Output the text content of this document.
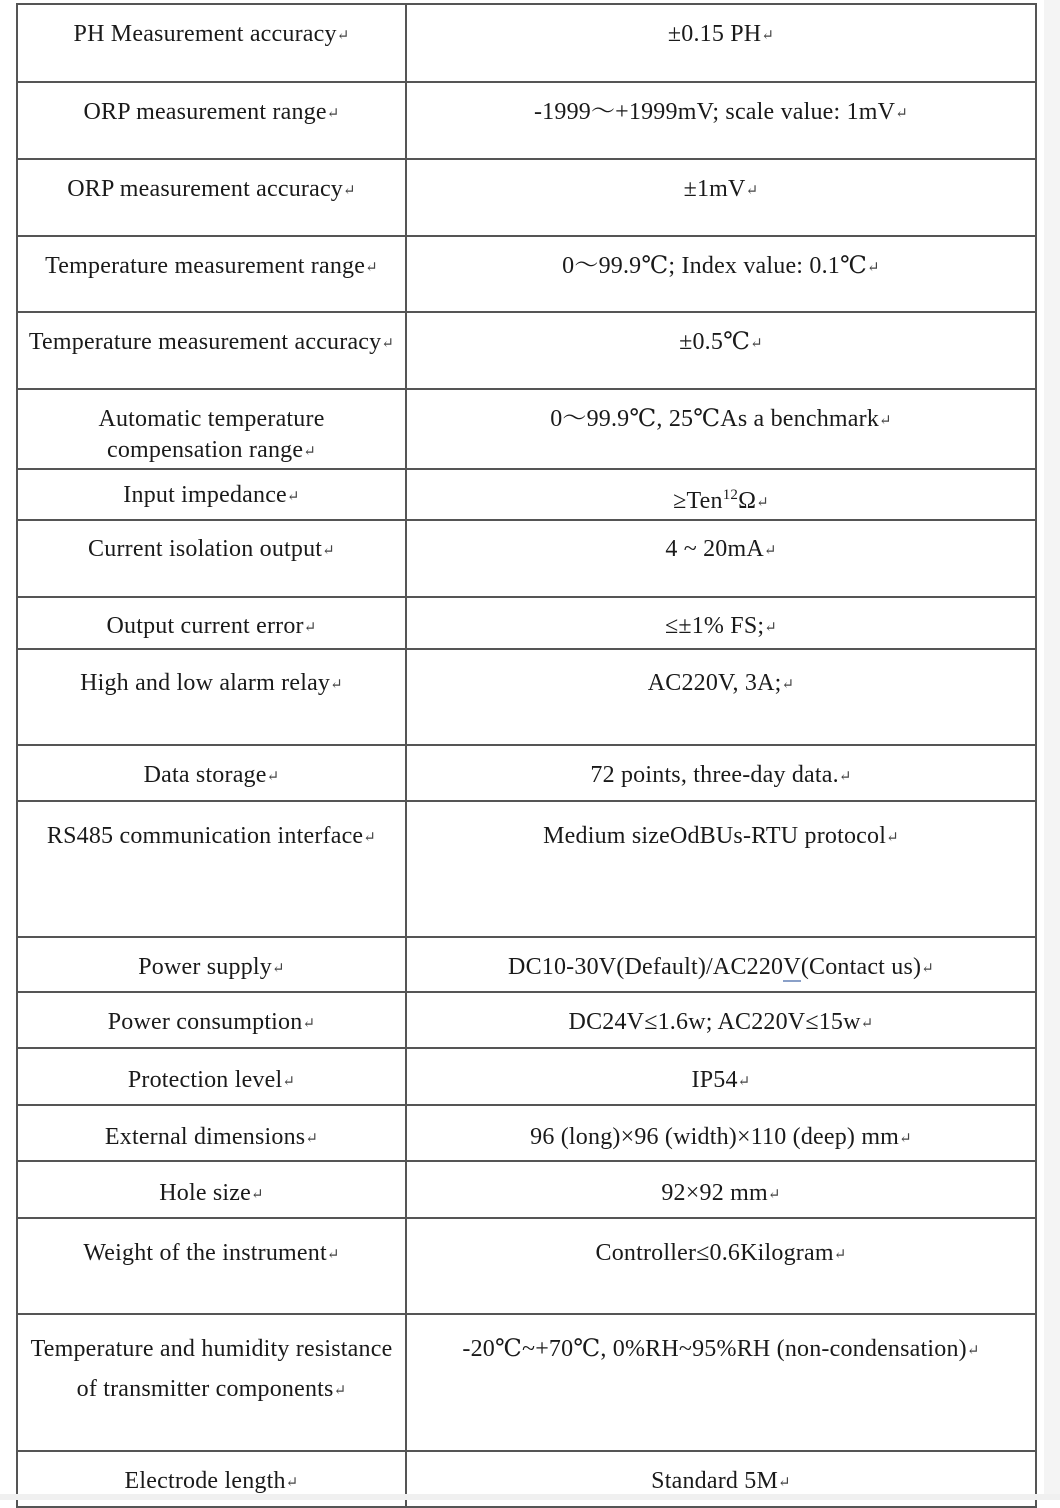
PH Measurement accuracy↵	±0.15 PH↵
ORP measurement range↵	-1999～+1999mV; scale value: 1mV↵
ORP measurement accuracy↵	±1mV↵
Temperature measurement range↵	0～99.9℃; Index value: 0.1℃↵
Temperature measurement accuracy↵	±0.5℃↵
Automatic temperature compensation range↵	0～99.9℃, 25℃As a benchmark↵
Input impedance↵	≥Ten$^{12}$Ω↵
Current isolation output↵	4 ~ 20mA↵
Output current error↵	≤±1% FS;↵
High and low alarm relay↵	AC220V, 3A;↵
Data storage↵	72 points, three-day data.↵
RS485 communication interface↵	Medium sizeOdBUs-RTU protocol↵
Power supply↵	DC10-30V(Default)/AC220V(Contact us)↵
Power consumption↵	DC24V≤1.6w; AC220V≤15w↵
Protection level↵	IP54↵
External dimensions↵	96 (long)×96 (width)×110 (deep) mm↵
Hole size↵	92×92 mm↵
Weight of the instrument↵	Controller≤0.6Kilogram↵
Temperature and humidity resistance of transmitter components↵	-20℃~+70℃, 0%RH~95%RH (non-condensation)↵
Electrode length↵	Standard 5M↵
